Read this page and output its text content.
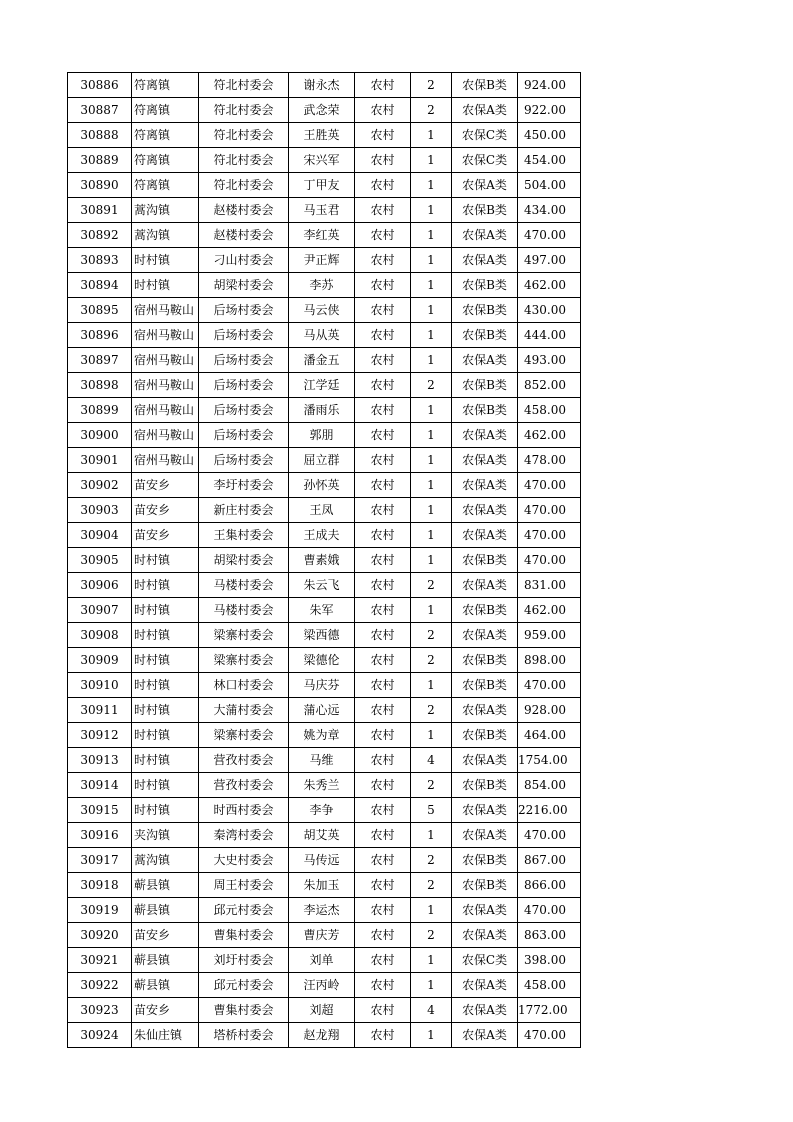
30886	符离镇	符北村委会	谢永杰	农村	2	农保B类	924.00
30887	符离镇	符北村委会	武念荣	农村	2	农保A类	922.00
30888	符离镇	符北村委会	王胜英	农村	1	农保C类	450.00
30889	符离镇	符北村委会	宋兴军	农村	1	农保C类	454.00
30890	符离镇	符北村委会	丁甲友	农村	1	农保A类	504.00
30891	蒿沟镇	赵楼村委会	马玉君	农村	1	农保B类	434.00
30892	蒿沟镇	赵楼村委会	李红英	农村	1	农保A类	470.00
30893	时村镇	刁山村委会	尹正辉	农村	1	农保A类	497.00
30894	时村镇	胡梁村委会	李苏	农村	1	农保B类	462.00
30895	宿州马鞍山	后场村委会	马云侠	农村	1	农保B类	430.00
30896	宿州马鞍山	后场村委会	马从英	农村	1	农保B类	444.00
30897	宿州马鞍山	后场村委会	潘金五	农村	1	农保A类	493.00
30898	宿州马鞍山	后场村委会	江学廷	农村	2	农保B类	852.00
30899	宿州马鞍山	后场村委会	潘雨乐	农村	1	农保B类	458.00
30900	宿州马鞍山	后场村委会	郭朋	农村	1	农保A类	462.00
30901	宿州马鞍山	后场村委会	屈立群	农村	1	农保A类	478.00
30902	苗安乡	李圩村委会	孙怀英	农村	1	农保A类	470.00
30903	苗安乡	新庄村委会	王凤	农村	1	农保A类	470.00
30904	苗安乡	王集村委会	王成夫	农村	1	农保A类	470.00
30905	时村镇	胡梁村委会	曹素娥	农村	1	农保B类	470.00
30906	时村镇	马楼村委会	朱云飞	农村	2	农保A类	831.00
30907	时村镇	马楼村委会	朱军	农村	1	农保B类	462.00
30908	时村镇	梁寨村委会	梁西德	农村	2	农保A类	959.00
30909	时村镇	梁寨村委会	梁德伦	农村	2	农保B类	898.00
30910	时村镇	林口村委会	马庆芬	农村	1	农保B类	470.00
30911	时村镇	大蒲村委会	蒲心远	农村	2	农保A类	928.00
30912	时村镇	梁寨村委会	姚为章	农村	1	农保B类	464.00
30913	时村镇	营孜村委会	马维	农村	4	农保A类	1754.00
30914	时村镇	营孜村委会	朱秀兰	农村	2	农保B类	854.00
30915	时村镇	时西村委会	李争	农村	5	农保A类	2216.00
30916	夹沟镇	秦湾村委会	胡艾英	农村	1	农保A类	470.00
30917	蒿沟镇	大史村委会	马传远	农村	2	农保B类	867.00
30918	蕲县镇	周王村委会	朱加玉	农村	2	农保B类	866.00
30919	蕲县镇	邱元村委会	李运杰	农村	1	农保A类	470.00
30920	苗安乡	曹集村委会	曹庆芳	农村	2	农保A类	863.00
30921	蕲县镇	刘圩村委会	刘单	农村	1	农保C类	398.00
30922	蕲县镇	邱元村委会	汪丙岭	农村	1	农保A类	458.00
30923	苗安乡	曹集村委会	刘超	农村	4	农保A类	1772.00
30924	朱仙庄镇	塔桥村委会	赵龙翔	农村	1	农保A类	470.00
